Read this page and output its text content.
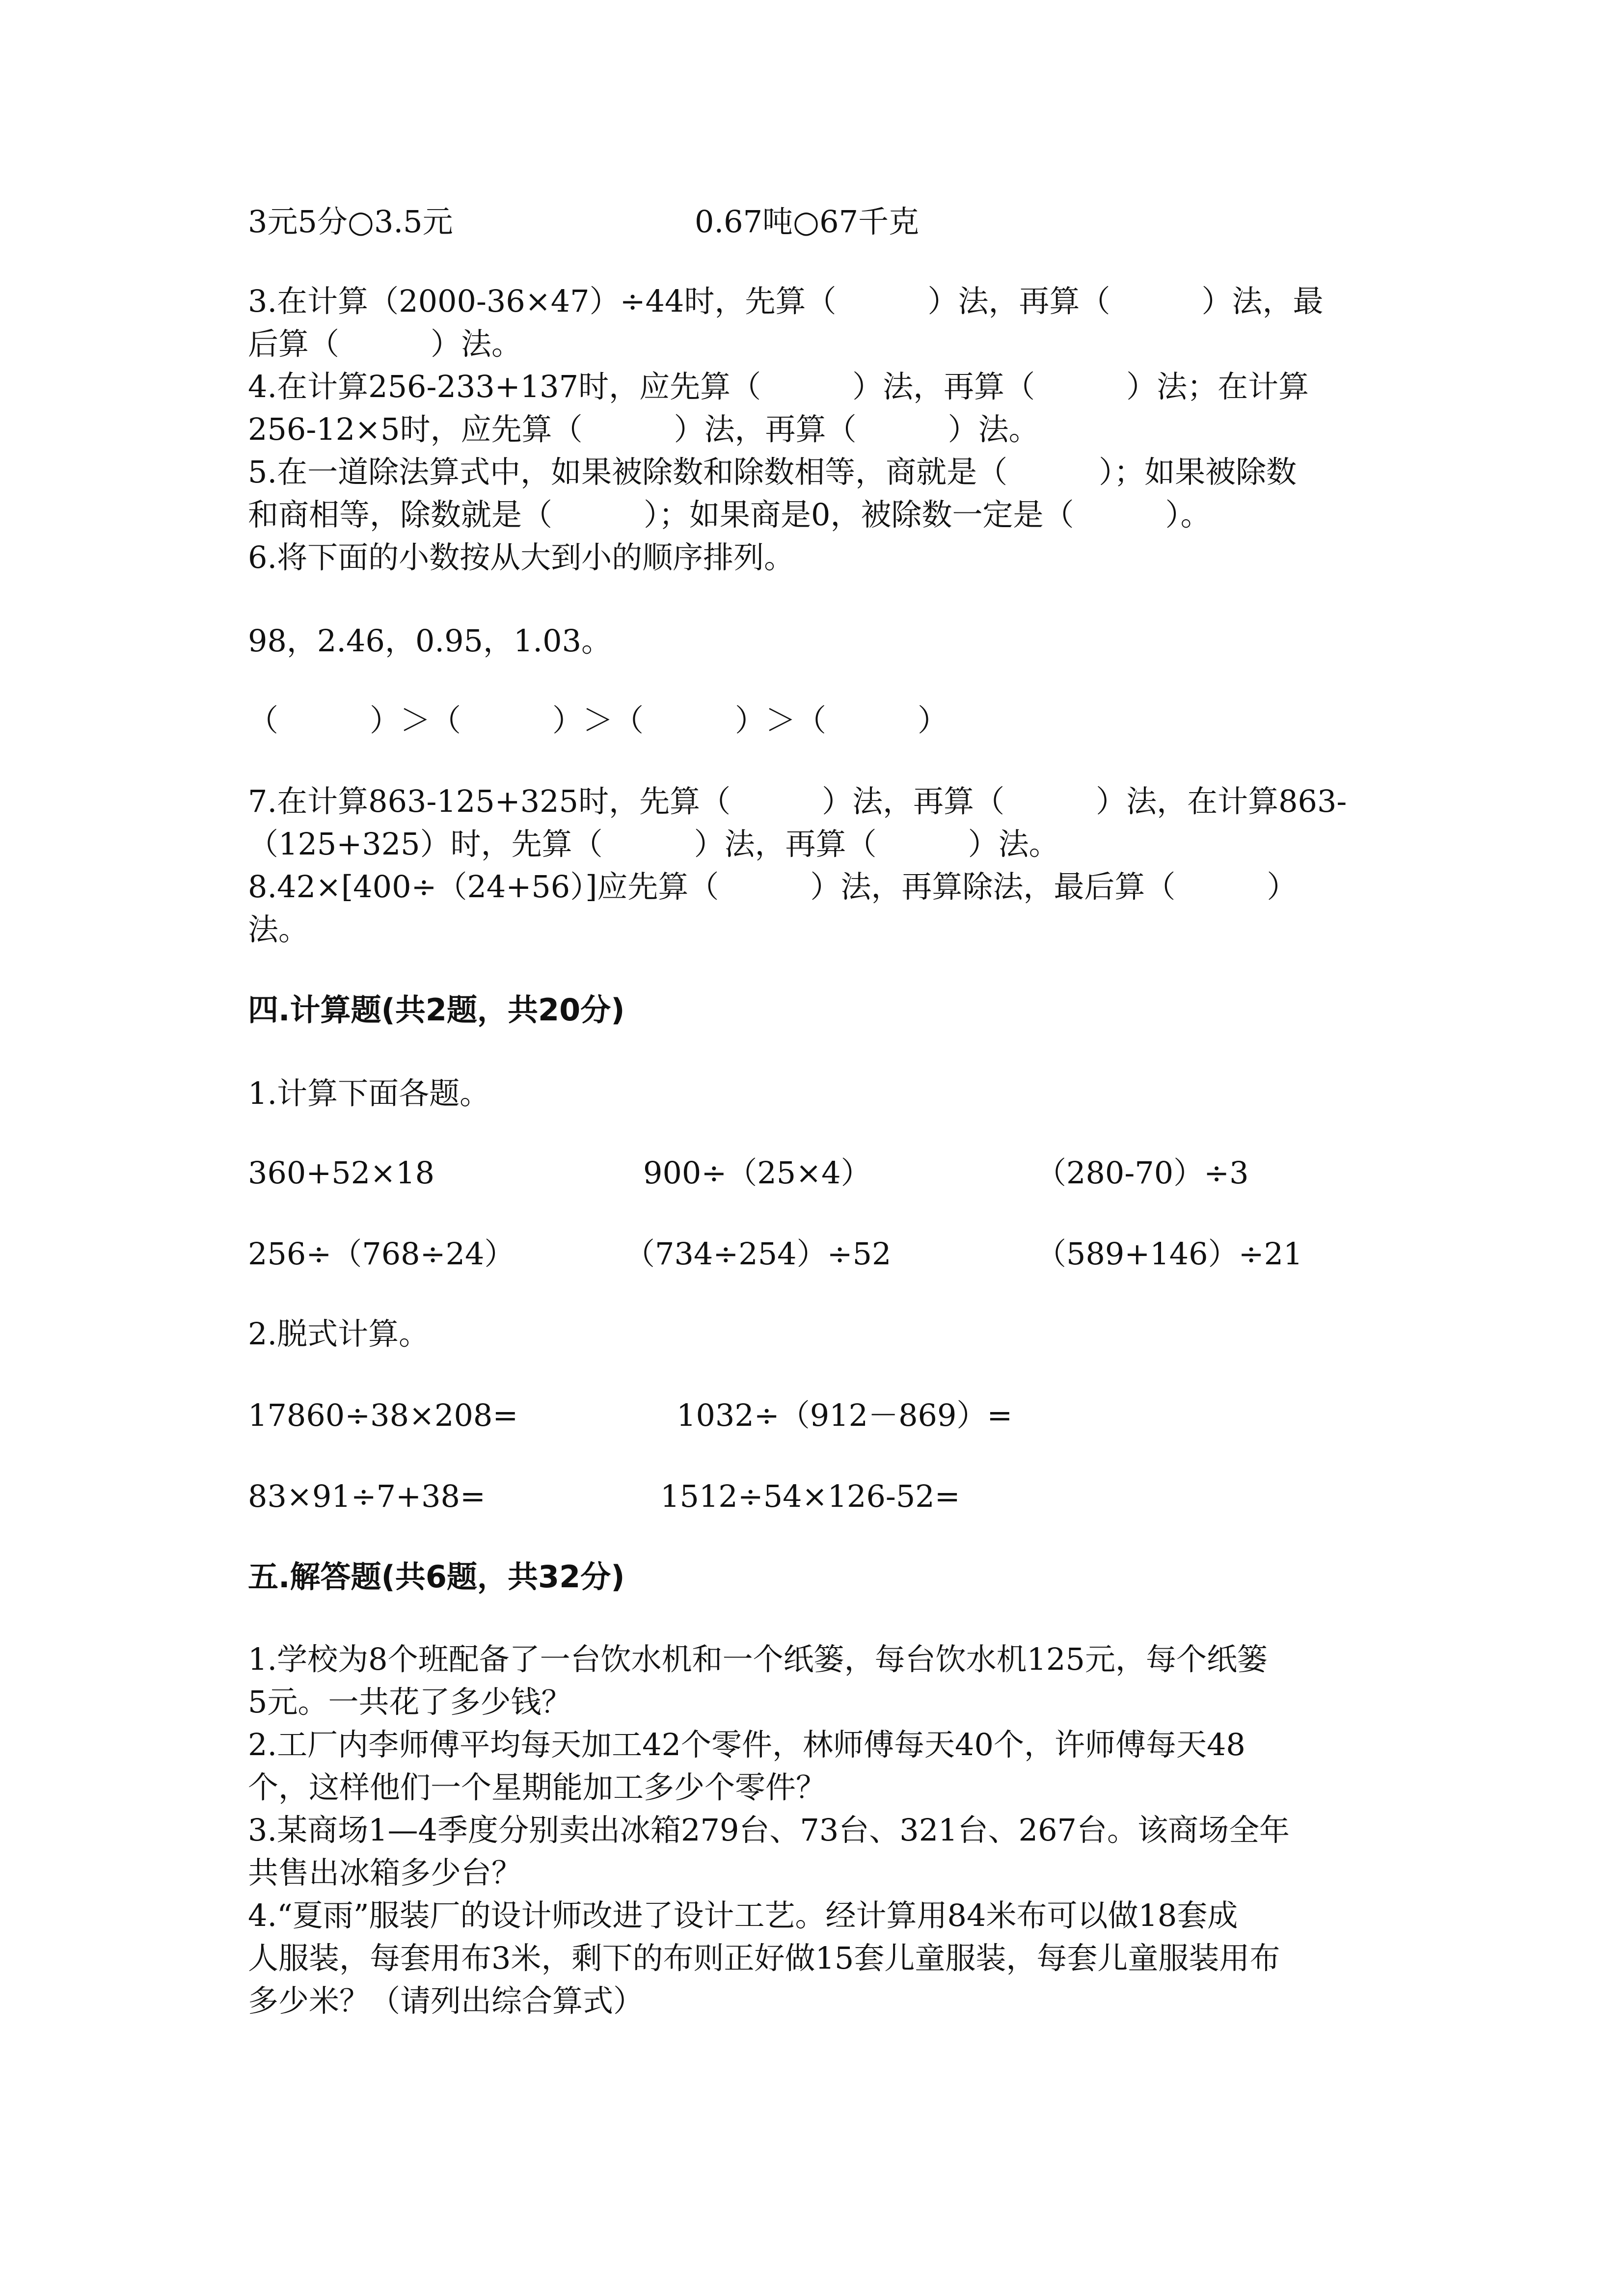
3元5分○3.5元	0.67吨○67千克
3.在计算（2000-36×47）÷44时，先算（　　　）法，再算（　　　）法，最
后算（　　　）法。
4.在计算256-233+137时，应先算（　　　）法，再算（　　　）法；在计算
256-12×5时，应先算（　　　）法，再算（　　　）法。
5.在一道除法算式中，如果被除数和除数相等，商就是（　　　）；如果被除数
和商相等，除数就是（　　　）；如果商是0，被除数一定是（　　　）。
6.将下面的小数按从大到小的顺序排列。
98，2.46，0.95，1.03。
（　　　）＞（　　　）＞（　　　）＞（　　　）
7.在计算863-125+325时，先算（　　　）法，再算（　　　）法，在计算863-
（125+325）时，先算（　　　）法，再算（　　　）法。
8.42×[400÷（24+56）]应先算（　　　）法，再算除法，最后算（　　　）
法。
四.计算题(共2题，共20分)
1.计算下面各题。
360+52×18	900÷（25×4）	（280-70）÷3
256÷（768÷24）	（734÷254）÷52	（589+146）÷21
2.脱式计算。
17860÷38×208=	1032÷（912－869）=
83×91÷7+38=	1512÷54×126-52=
五.解答题(共6题，共32分)
1.学校为8个班配备了一台饮水机和一个纸篓，每台饮水机125元，每个纸篓
5元。一共花了多少钱？
2.工厂内李师傅平均每天加工42个零件，林师傅每天40个，许师傅每天48
个，这样他们一个星期能加工多少个零件？
3.某商场1—4季度分别卖出冰箱279台、73台、321台、267台。该商场全年
共售出冰箱多少台？
4.“夏雨”服装厂的设计师改进了设计工艺。经计算用84米布可以做18套成
人服装，每套用布3米，剩下的布则正好做15套儿童服装，每套儿童服装用布
多少米？（请列出综合算式）
